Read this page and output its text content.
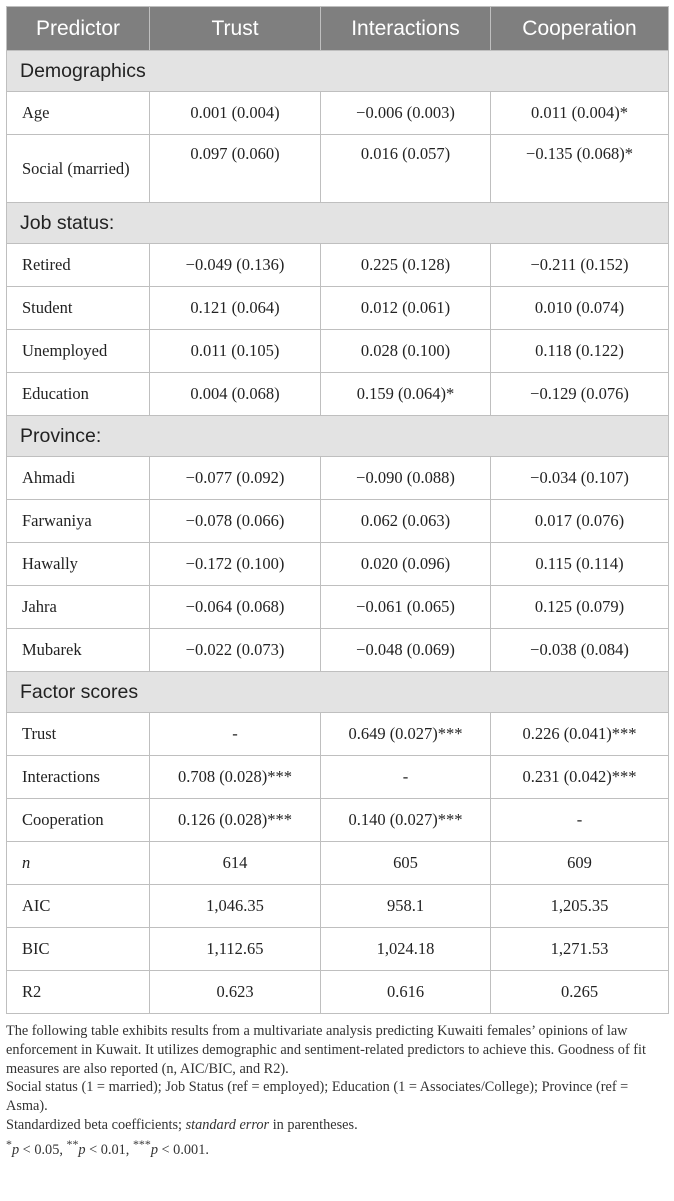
Predictor	Trust	Interactions	Cooperation
Demographics			
Age	0.001 (0.004)	−0.006 (0.003)	0.011 (0.004)*
Social (married)	0.097 (0.060)	0.016 (0.057)	−0.135 (0.068)*
Job status:			
Retired	−0.049 (0.136)	0.225 (0.128)	−0.211 (0.152)
Student	0.121 (0.064)	0.012 (0.061)	0.010 (0.074)
Unemployed	0.011 (0.105)	0.028 (0.100)	0.118 (0.122)
Education	0.004 (0.068)	0.159 (0.064)*	−0.129 (0.076)
Province:			
Ahmadi	−0.077 (0.092)	−0.090 (0.088)	−0.034 (0.107)
Farwaniya	−0.078 (0.066)	0.062 (0.063)	0.017 (0.076)
Hawally	−0.172 (0.100)	0.020 (0.096)	0.115 (0.114)
Jahra	−0.064 (0.068)	−0.061 (0.065)	0.125 (0.079)
Mubarek	−0.022 (0.073)	−0.048 (0.069)	−0.038 (0.084)
Factor scores			
Trust	-	0.649 (0.027)***	0.226 (0.041)***
Interactions	0.708 (0.028)***	-	0.231 (0.042)***
Cooperation	0.126 (0.028)***	0.140 (0.027)***	-
n	614	605	609
AIC	1,046.35	958.1	1,205.35
BIC	1,112.65	1,024.18	1,271.53
R2	0.623	0.616	0.265

The following table exhibits results from a multivariate analysis predicting Kuwaiti females’ opinions of law enforcement in Kuwait. It utilizes demographic and sentiment-related predictors to achieve this. Goodness of fit measures are also reported (n, AIC/BIC, and R2).

Social status (1 = married); Job Status (ref = employed); Education (1 = Associates/College); Province (ref = Asma).

Standardized beta coefficients; standard error in parentheses.

*p < 0.05, **p < 0.01, ***p < 0.001.
